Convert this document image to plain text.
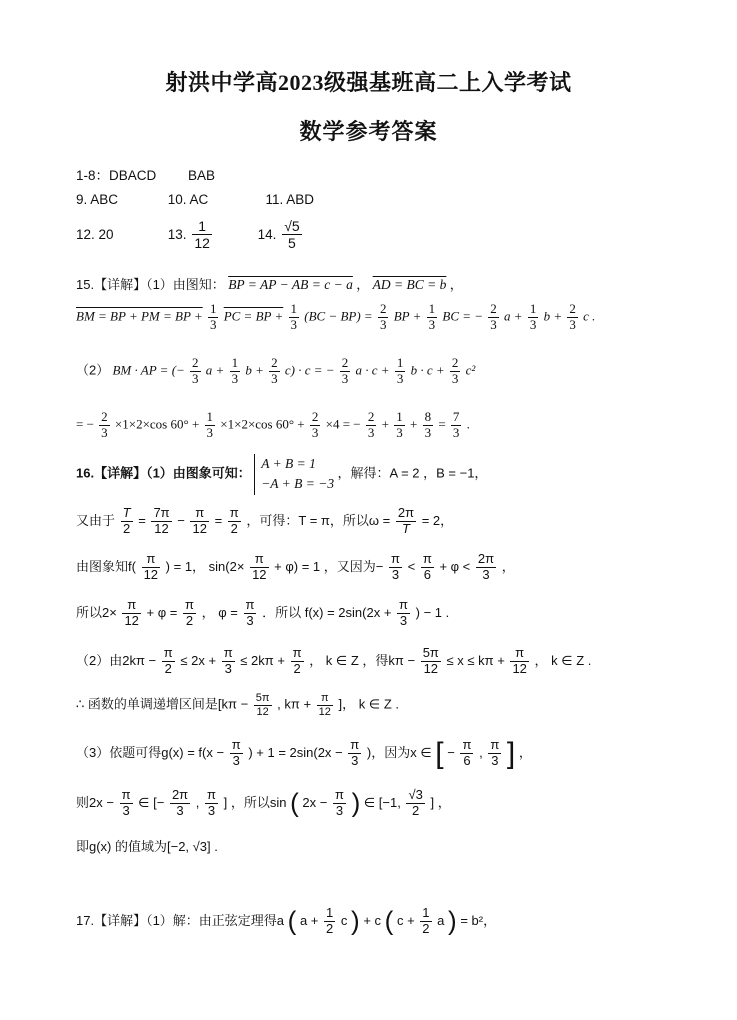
射洪中学高2023级强基班高二上入学考试
数学参考答案
1-8：DBACD BAB
9. ABC	10. AC	11. ABD
12. 20	13. $\frac{1}{12}$	14. $\frac{√5}{5}$
15.【详解】（1）由图知： BP = AP − AB = c − a ， AD = BC = b ，
BM = BP + PM = BP + $\frac{1}{3}$ PC = BP + $\frac{1}{3} (BC - BP) = \frac{2}{3}$ BP + $\frac{1}{3}$ BC = − $\frac{2}{3}$ $a + \frac{1}{3}$ $b + \frac{2}{3}$ c .
（2） BM · AP = (− $\frac{2}{3}$ $a + \frac{1}{3}$ $b + \frac{2}{3} c) \cdot c$ = − $\frac{2}{3}$ $a \cdot c + \frac{1}{3}$ $b \cdot c + \frac{2}{3} c^2$
= − $\frac{2}{3} \times 1\times 2\times\cos$ $60^\circ + \frac{1}{3} \times 1\times 2\times\cos$ $60^\circ + \frac{2}{3} \times 4$ = − $\frac{2}{3} + \frac{1}{3} + \frac{8}{3} = \frac{7}{3}$ .
16.【详解】（1）由图象可知：
A + B = 1
−A + B = −3
，解得：A = 2 ，B = −1，
又由于 $\frac{T}{2} = \frac{7\pi}{12} - \frac{\pi}{12} = \frac{\pi}{2}$ ，可得：T = π，所以$\omega = \frac{2\pi}{T} = 2$，
由图象知$f( \frac{\pi}{12}$ ) = 1， $\sin(2\times \frac{\pi}{12} + \varphi) = 1$ ，又因为− $\frac{\pi}{3} < \frac{\pi}{6} + \varphi < \frac{2\pi}{3}$ ，
所以$2\times \frac{\pi}{12} + \varphi = \frac{\pi}{2}$ ， $\varphi = \frac{\pi}{3}$ ．所以 $f(x) = 2\sin(2x + \frac{\pi}{3}$ ) − 1 .
（2）由$2k\pi - \frac{\pi}{2} \le 2x + \frac{\pi}{3} \le 2k\pi + \frac{\pi}{2}$ ， k ∈ Z ，得$k\pi - \frac{5\pi}{12} \le x \le k\pi + \frac{\pi}{12}$ ， k ∈ Z .
∴ 函数的单调递增区间是[$k\pi - \frac{5\pi}{12}$ , $k\pi + \frac{\pi}{12}$ ]， k ∈ Z .
（3）依题可得$g(x) = f(x - \frac{\pi}{3}$ ) + $1 = 2\sin(2x - \frac{\pi}{3}$ )，因为x ∈ [ − $\frac{\pi}{6}$ , $\frac{\pi}{3}$ ] ，
则$2x - \frac{\pi}{3}$ ∈ [− $\frac{2\pi}{3}$ , $\frac{\pi}{3}$ ] ，所以sin ( $2x - \frac{\pi}{3}$ ) ∈ [−1, $\frac{√3}{2}$ ] ，
即g(x) 的值域为[−2, √3] .
17.【详解】（1）解：由正弦定理得a ( $a + \frac{1}{2}$ c ) + c ( $c + \frac{1}{2}$ a ) = b²，
